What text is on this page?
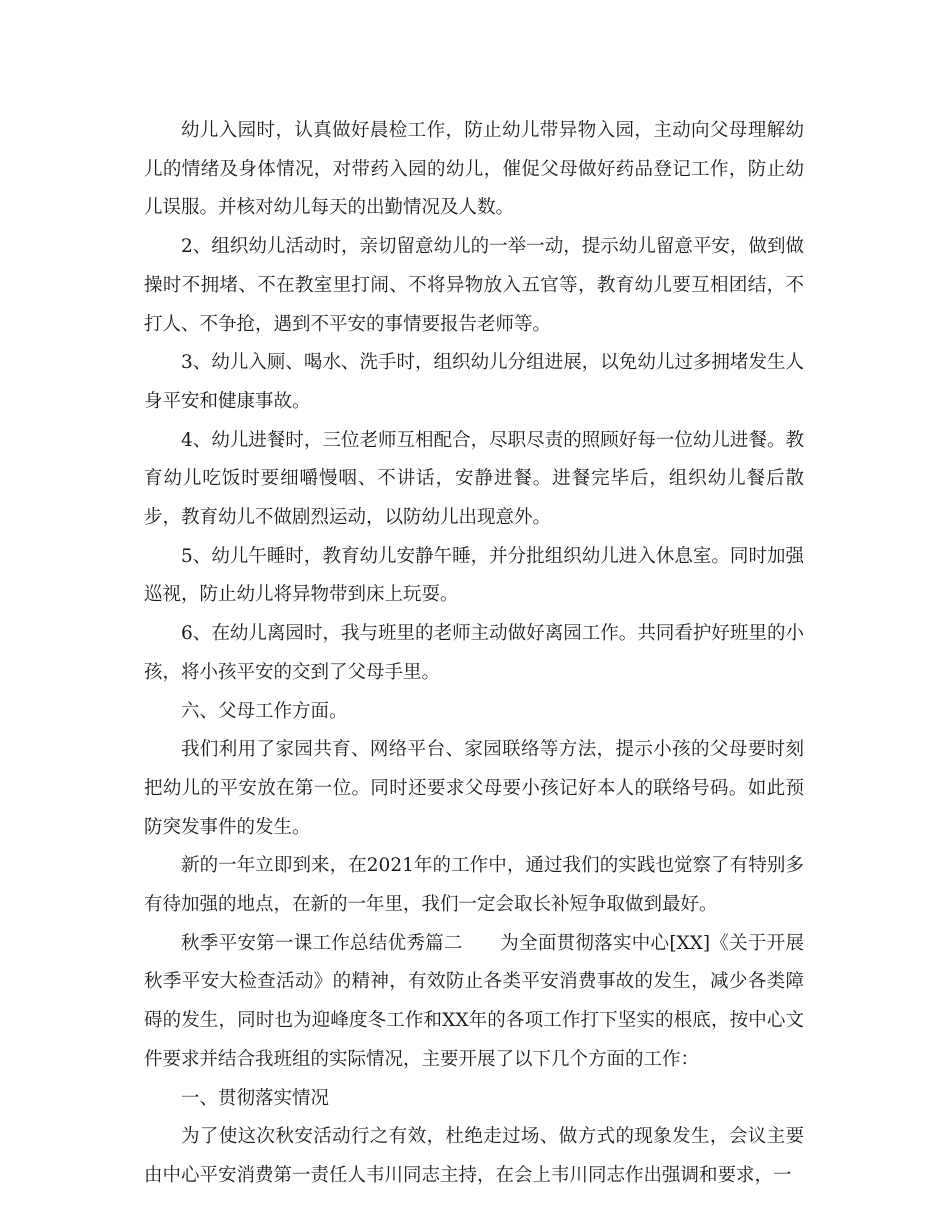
幼儿入园时，认真做好晨检工作，防止幼儿带异物入园，主动向父母理解幼儿的情绪及身体情况，对带药入园的幼儿，催促父母做好药品登记工作，防止幼儿误服。并核对幼儿每天的出勤情况及人数。

2、组织幼儿活动时，亲切留意幼儿的一举一动，提示幼儿留意平安，做到做操时不拥堵、不在教室里打闹、不将异物放入五官等，教育幼儿要互相团结，不打人、不争抢，遇到不平安的事情要报告老师等。

3、幼儿入厕、喝水、洗手时，组织幼儿分组进展，以免幼儿过多拥堵发生人身平安和健康事故。

4、幼儿进餐时，三位老师互相配合，尽职尽责的照顾好每一位幼儿进餐。教育幼儿吃饭时要细嚼慢咽、不讲话，安静进餐。进餐完毕后，组织幼儿餐后散步，教育幼儿不做剧烈运动，以防幼儿出现意外。

5、幼儿午睡时，教育幼儿安静午睡，并分批组织幼儿进入休息室。同时加强巡视，防止幼儿将异物带到床上玩耍。

6、在幼儿离园时，我与班里的老师主动做好离园工作。共同看护好班里的小孩，将小孩平安的交到了父母手里。

六、父母工作方面。

我们利用了家园共育、网络平台、家园联络等方法，提示小孩的父母要时刻把幼儿的平安放在第一位。同时还要求父母要小孩记好本人的联络号码。如此预防突发事件的发生。

新的一年立即到来，在2021年的工作中，通过我们的实践也觉察了有特别多有待加强的地点，在新的一年里，我们一定会取长补短争取做到最好。

秋季平安第一课工作总结优秀篇二　　为全面贯彻落实中心[XX]《关于开展秋季平安大检查活动》的精神，有效防止各类平安消费事故的发生，减少各类障碍的发生，同时也为迎峰度冬工作和XX年的各项工作打下坚实的根底，按中心文件要求并结合我班组的实际情况，主要开展了以下几个方面的工作：

一、贯彻落实情况

为了使这次秋安活动行之有效，杜绝走过场、做方式的现象发生，会议主要由中心平安消费第一责任人韦川同志主持，在会上韦川同志作出强调和要求，一
